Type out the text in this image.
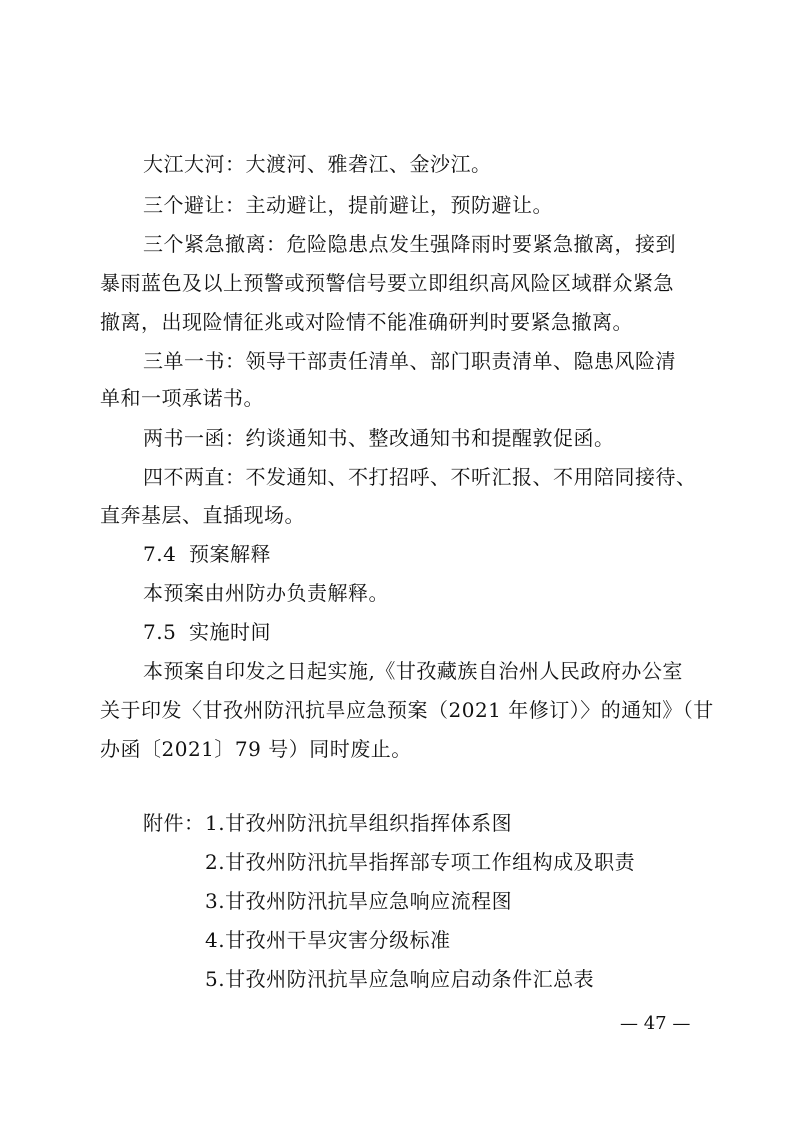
大江大河：大渡河、雅砻江、金沙江。
三个避让：主动避让，提前避让，预防避让。
三个紧急撤离：危险隐患点发生强降雨时要紧急撤离，接到
暴雨蓝色及以上预警或预警信号要立即组织高风险区域群众紧急
撤离，出现险情征兆或对险情不能准确研判时要紧急撤离。
三单一书：领导干部责任清单、部门职责清单、隐患风险清
单和一项承诺书。
两书一函：约谈通知书、整改通知书和提醒敦促函。
四不两直：不发通知、不打招呼、不听汇报、不用陪同接待、
直奔基层、直插现场。
7.4 预案解释
本预案由州防办负责解释。
7.5 实施时间
本预案自印发之日起实施,《甘孜藏族自治州人民政府办公室
关于印发〈甘孜州防汛抗旱应急预案（2021 年修订）〉的通知》（甘
办函〔2021〕79 号）同时废止。
附件： 1.甘孜州防汛抗旱组织指挥体系图
2.甘孜州防汛抗旱指挥部专项工作组构成及职责
3.甘孜州防汛抗旱应急响应流程图
4.甘孜州干旱灾害分级标准
5.甘孜州防汛抗旱应急响应启动条件汇总表
— 47 —
